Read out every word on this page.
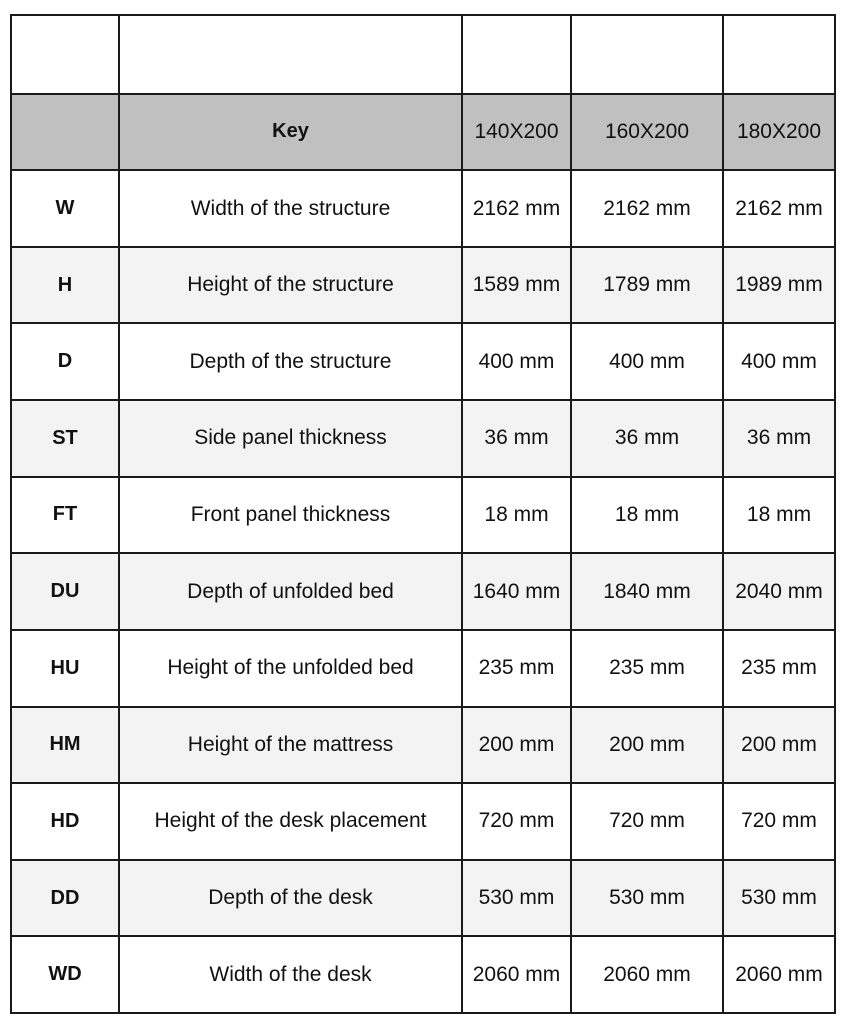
	Key	140X200	160X200	180X200
W	Width of the structure	2162 mm	2162 mm	2162 mm
H	Height of the structure	1589 mm	1789 mm	1989 mm
D	Depth of the structure	400 mm	400 mm	400 mm
ST	Side panel thickness	36 mm	36 mm	36 mm
FT	Front panel thickness	18 mm	18 mm	18 mm
DU	Depth of unfolded bed	1640 mm	1840 mm	2040 mm
HU	Height of the unfolded bed	235 mm	235 mm	235 mm
HM	Height of the mattress	200 mm	200 mm	200 mm
HD	Height of the desk placement	720 mm	720 mm	720 mm
DD	Depth of the desk	530 mm	530 mm	530 mm
WD	Width of the desk	2060 mm	2060 mm	2060 mm
